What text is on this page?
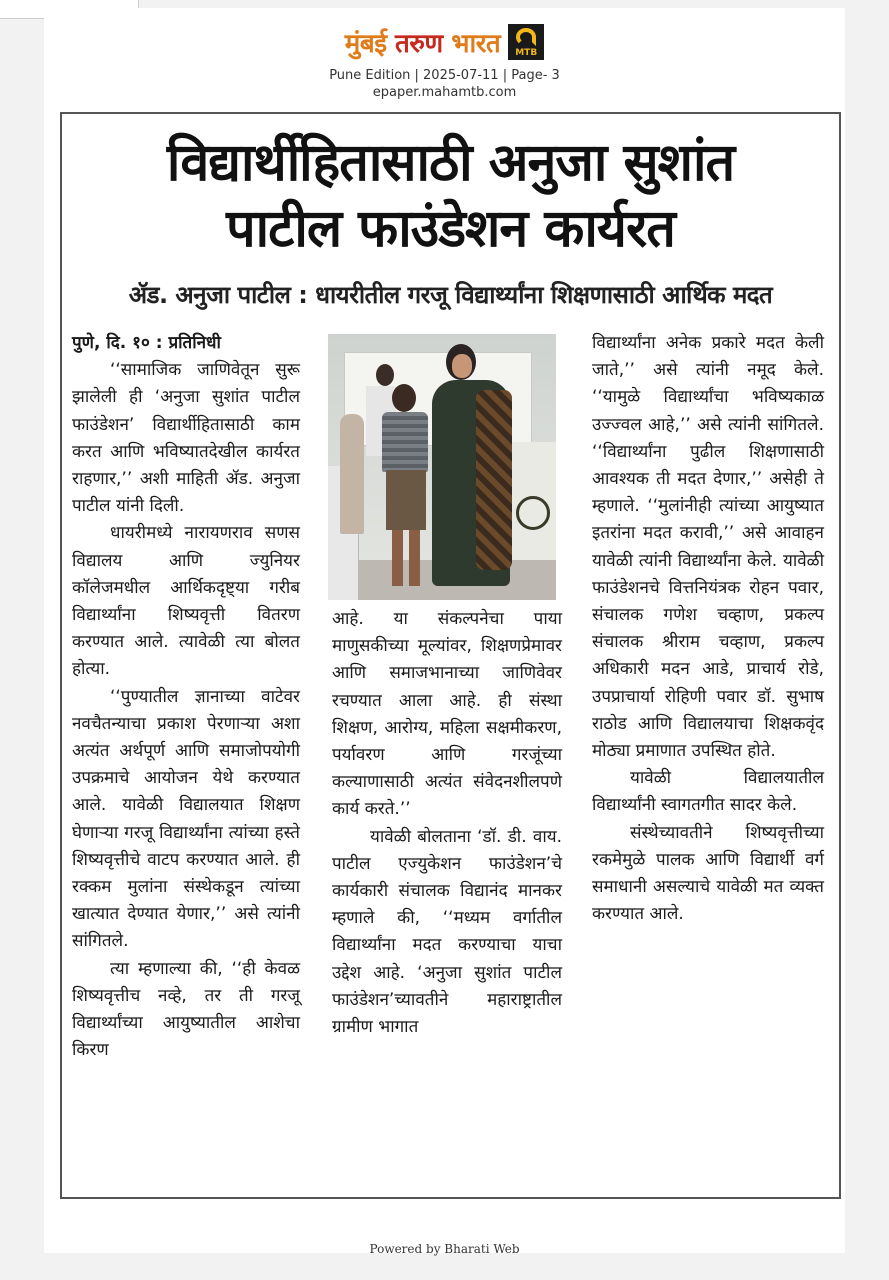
मुंबई तरुण भारत MTB
Pune Edition | 2025-07-11 | Page- 3
epaper.mahamtb.com
विद्यार्थीहितासाठी अनुजा सुशांत
पाटील फाउंडेशन कार्यरत
ॲड. अनुजा पाटील : धायरीतील गरजू विद्यार्थ्यांना शिक्षणासाठी आर्थिक मदत

पुणे, दि. १० : प्रतिनिधी

‘‘सामाजिक जाणिवेतून सुरू झालेली ही ‘अनुजा सुशांत पाटील फाउंडेशन’ विद्यार्थीहितासाठी काम करत आणि भविष्यातदेखील कार्यरत राहणार,’’ अशी माहिती ॲड. अनुजा पाटील यांनी दिली.

धायरीमध्ये नारायणराव सणस विद्यालय आणि ज्युनियर कॉलेजमधील आर्थिकदृष्ट्या गरीब विद्यार्थ्यांना शिष्यवृत्ती वितरण करण्यात आले. त्यावेळी त्या बोलत होत्या.

‘‘पुण्यातील ज्ञानाच्या वाटेवर नवचैतन्याचा प्रकाश पेरणाऱ्या अशा अत्यंत अर्थपूर्ण आणि समाजोपयोगी उपक्रमाचे आयोजन येथे करण्यात आले. यावेळी विद्यालयात शिक्षण घेणाऱ्या गरजू विद्यार्थ्यांना त्यांच्या हस्ते शिष्यवृत्तीचे वाटप करण्यात आले. ही रक्कम मुलांना संस्थेकडून त्यांच्या खात्यात देण्यात येणार,’’ असे त्यांनी सांगितले.

त्या म्हणाल्या की, ‘‘ही केवळ शिष्यवृत्तीच नव्हे, तर ती गरजू विद्यार्थ्यांच्या आयुष्यातील आशेचा किरण

आहे. या संकल्पनेचा पाया माणुसकीच्या मूल्यांवर, शिक्षणप्रेमावर आणि समाजभानाच्या जाणिवेवर रचण्यात आला आहे. ही संस्था शिक्षण, आरोग्य, महिला सक्षमीकरण, पर्यावरण आणि गरजूंच्या कल्याणासाठी अत्यंत संवेदनशीलपणे कार्य करते.’’

यावेळी बोलताना ‘डॉ. डी. वाय. पाटील एज्युकेशन फाउंडेशन’चे कार्यकारी संचालक विद्यानंद मानकर म्हणाले की, ‘‘मध्यम वर्गातील विद्यार्थ्यांना मदत करण्याचा याचा उद्देश आहे. ‘अनुजा सुशांत पाटील फाउंडेशन’च्यावतीने महाराष्ट्रातील ग्रामीण भागात

विद्यार्थ्यांना अनेक प्रकारे मदत केली जाते,’’ असे त्यांनी नमूद केले. ‘‘यामुळे विद्यार्थ्यांचा भविष्यकाळ उज्ज्वल आहे,’’ असे त्यांनी सांगितले. ‘‘विद्यार्थ्यांना पुढील शिक्षणासाठी आवश्यक ती मदत देणार,’’ असेही ते म्हणाले. ‘‘मुलांनीही त्यांच्या आयुष्यात इतरांना मदत करावी,’’ असे आवाहन यावेळी त्यांनी विद्यार्थ्यांना केले. यावेळी फाउंडेशनचे वित्तनियंत्रक रोहन पवार, संचालक गणेश चव्हाण, प्रकल्प संचालक श्रीराम चव्हाण, प्रकल्प अधिकारी मदन आडे, प्राचार्य रोडे, उपप्राचार्या रोहिणी पवार डॉ. सुभाष राठोड आणि विद्यालयाचा शिक्षकवृंद मोठ्या प्रमाणात उपस्थित होते.

यावेळी विद्यालयातील विद्यार्थ्यांनी स्वागतगीत सादर केले.

संस्थेच्यावतीने शिष्यवृत्तीच्या रकमेमुळे पालक आणि विद्यार्थी वर्ग समाधानी असल्याचे यावेळी मत व्यक्त करण्यात आले.

Powered by Bharati Web
